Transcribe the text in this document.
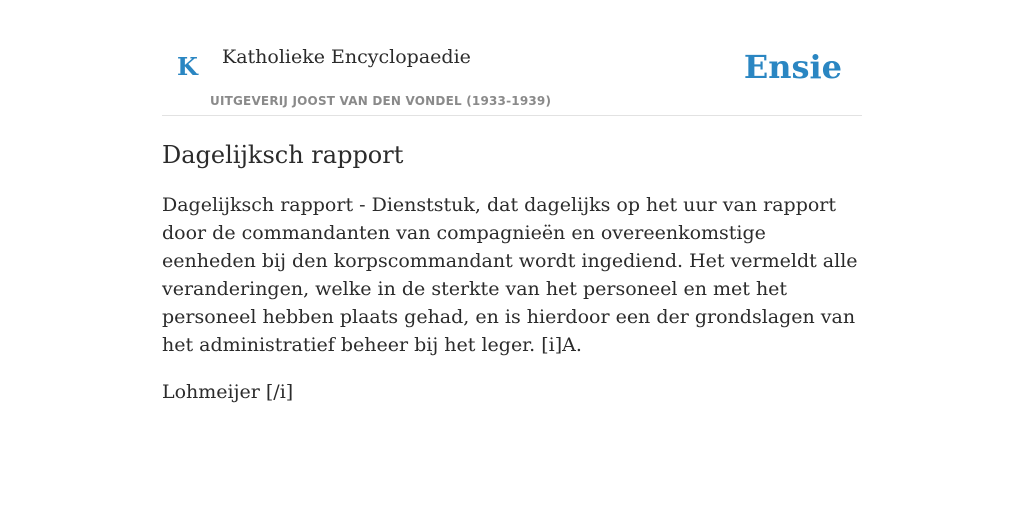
K Katholieke Encyclopaedie
UITGEVERIJ JOOST VAN DEN VONDEL (1933-1939)
Ensie
Dagelijksch rapport

Dagelijksch rapport - Dienststuk, dat dagelijks op het uur van rapport door de commandanten van compagnieën en overeenkomstige eenheden bij den korpscommandant wordt ingediend. Het vermeldt alle veranderingen, welke in de sterkte van het personeel en met het personeel hebben plaats gehad, en is hierdoor een der grondslagen van het administratief beheer bij het leger. [i]A.

Lohmeijer [/i]
